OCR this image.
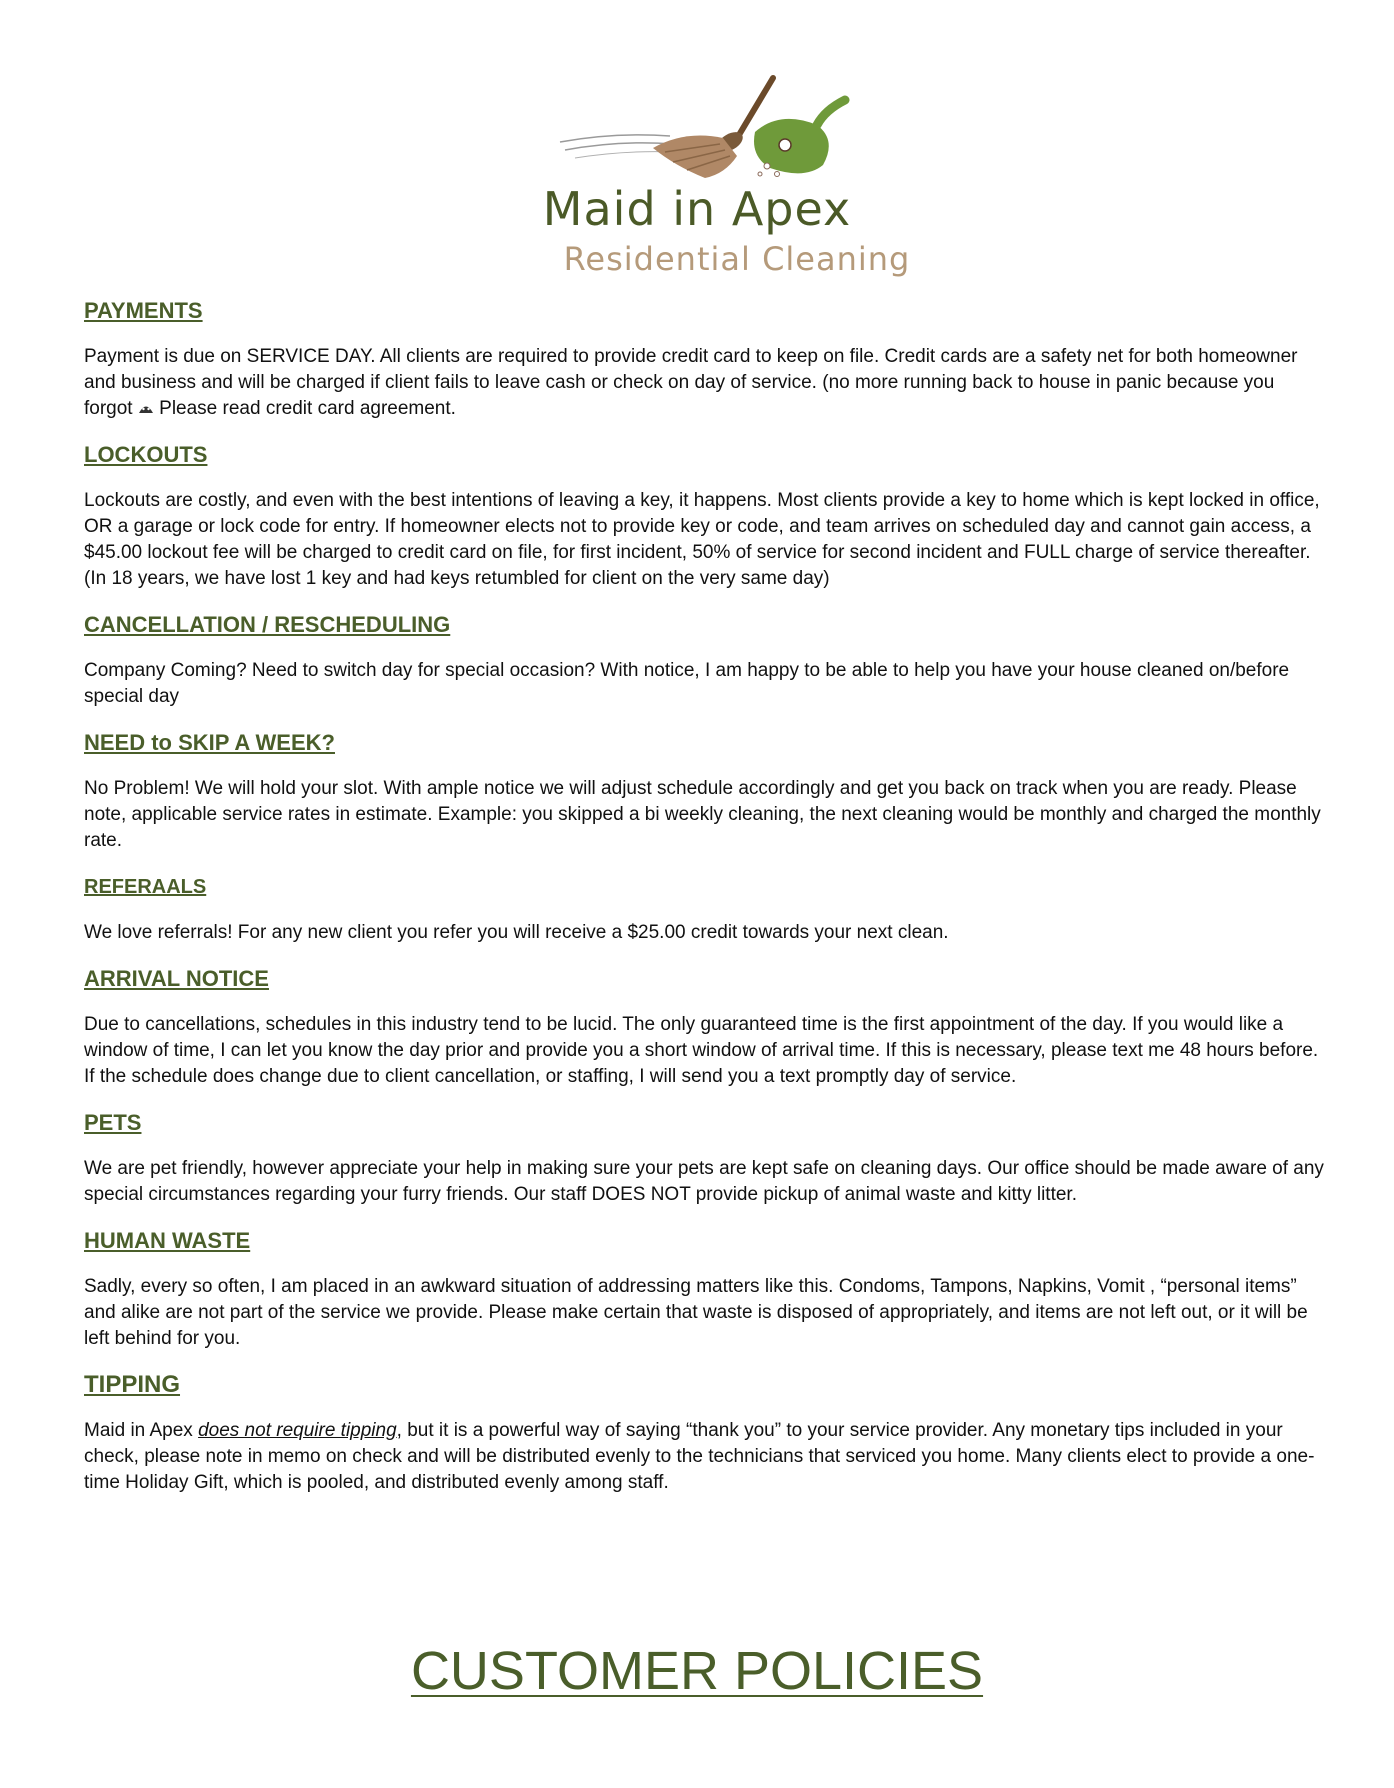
Maid in Apex
Residential Cleaning
PAYMENTS
Payment is due on SERVICE DAY. All clients are required to provide credit card to keep on file. Credit cards are a safety net for both homeowner and business and will be charged if client fails to leave cash or check on day of service. (no more running back to house in panic because you forgot  Please read credit card agreement.
LOCKOUTS
Lockouts are costly, and even with the best intentions of leaving a key, it happens. Most clients provide a key to home which is kept locked in office, OR a garage or lock code for entry. If homeowner elects not to provide key or code, and team arrives on scheduled day and cannot gain access, a $45.00 lockout fee will be charged to credit card on file, for first incident, 50% of service for second incident and FULL charge of service thereafter. (In 18 years, we have lost 1 key and had keys retumbled for client on the very same day)
CANCELLATION / RESCHEDULING
Company Coming? Need to switch day for special occasion? With notice, I am happy to be able to help you have your house cleaned on/before special day
NEED to SKIP A WEEK?
No Problem! We will hold your slot. With ample notice we will adjust schedule accordingly and get you back on track when you are ready. Please note, applicable service rates in estimate. Example: you skipped a bi weekly cleaning, the next cleaning would be monthly and charged the monthly rate.
REFERAALS
We love referrals! For any new client you refer you will receive a $25.00 credit towards your next clean.
ARRIVAL NOTICE
Due to cancellations, schedules in this industry tend to be lucid. The only guaranteed time is the first appointment of the day. If you would like a window of time, I can let you know the day prior and provide you a short window of arrival time. If this is necessary, please text me 48 hours before. If the schedule does change due to client cancellation, or staffing, I will send you a text promptly day of service.
PETS
We are pet friendly, however appreciate your help in making sure your pets are kept safe on cleaning days. Our office should be made aware of any special circumstances regarding your furry friends. Our staff DOES NOT provide pickup of animal waste and kitty litter.
HUMAN WASTE
Sadly, every so often, I am placed in an awkward situation of addressing matters like this. Condoms, Tampons, Napkins, Vomit , “personal items” and alike are not part of the service we provide. Please make certain that waste is disposed of appropriately, and items are not left out, or it will be left behind for you.
TIPPING
Maid in Apex does not require tipping, but it is a powerful way of saying “thank you” to your service provider. Any monetary tips included in your check, please note in memo on check and will be distributed evenly to the technicians that serviced you home. Many clients elect to provide a one-time Holiday Gift, which is pooled, and distributed evenly among staff.
CUSTOMER POLICIES
